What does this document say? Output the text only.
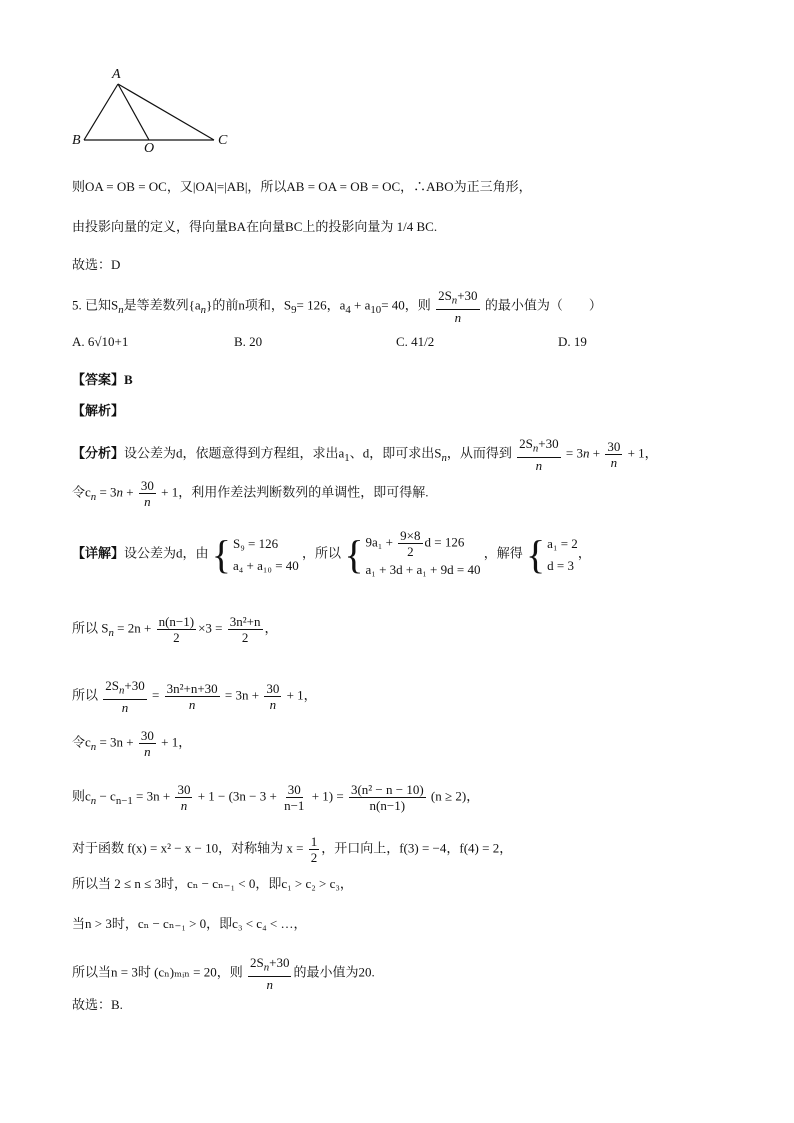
A
B
O
C
则OA = OB = OC，又|OA|=|AB|，所以AB = OA = OB = OC，∴ABO为正三角形，
由投影向量的定义，得向量BA在向量BC上的投影向量为 1/4 BC.
故选：D
5. 已知$S_n$是等差数列$\{a_n\}$的前n项和，$S_9= 126$，$a_4 + a_{10}= 40$，则 $\frac{2S_n+30}{n}$ 的最小值为（　　）
A. 6√10+1	B. 20	C. 41/2	D. 19
【答案】B
【解析】
【分析】设公差为d，依题意得到方程组，求出$a_1$、d，即可求出$S_n$，从而得到 $\frac{2S_n+30}{n} = 3n + \frac{30}{n} + 1$，
令$c_n = 3n + \frac{30}{n} + 1$，利用作差法判断数列的单调性，即可得解.
【详解】设公差为d，由 { S₉ = 126
a₄ + a₁₀ = 40
，所以 { $9a_1 + \frac{9\times 8}{2}$ d = 126
a₁ + 3d + a₁ + 9d = 40
，解得 { a₁ = 2
d = 3
，
所以 $S_n = 2n + \frac{n(n-1)}{2} \times 3 = \frac{\text{3n²+n}}{2}$ ，
所以 $\frac{2S_n+30}{n} = \frac{\text{3n²+n+30}}{n} = 3n + \frac{30}{n} + 1$，
令$c_n = 3n + \frac{30}{n} + 1$，
则$c_n - c_{n-1} = 3n + \frac{30}{n} + 1 - (3n - 3 + \frac{30}{n-1} + 1) = \frac{\text{3(n² − n − 10)}}{n(n-1)} (n \ge 2)$，
对于函数 f(x) = x² − x − 10，对称轴为 $x = \frac{1}{2}$ ，开口向上，f(3) = −4，f(4) = 2，
所以当 2 ≤ n ≤ 3时，cₙ − cₙ₋₁ < 0，即c₁ > c₂ > c₃，
当n > 3时，cₙ − cₙ₋₁ > 0，即c₃ < c₄ < …，
所以当n = 3时 (cₙ)ₘᵢₙ = 20，则 $\frac{2S_n+30}{n}$ 的最小值为20.
故选：B.
